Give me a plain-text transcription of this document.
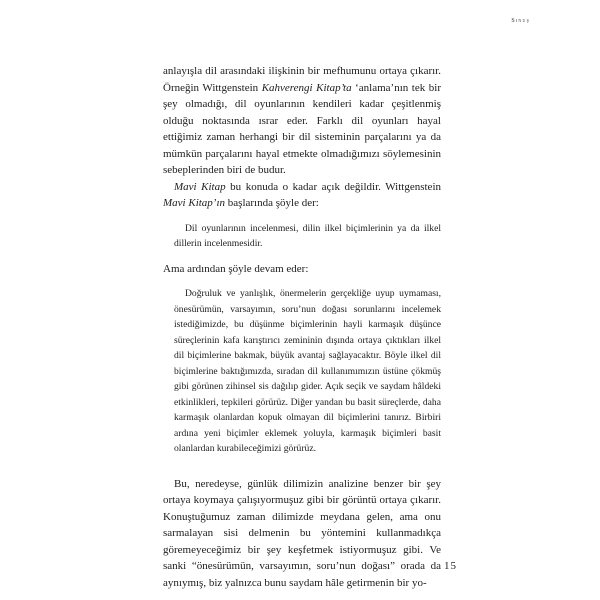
Sınuş

anlayışla dil arasındaki ilişkinin bir mefhumunu ortaya çıkarır. Örneğin Wittgenstein Kahverengi Kitap’ta ‘anlama’nın tek bir şey olmadığı, dil oyunlarının kendileri kadar çeşitlenmiş olduğu noktasında ısrar eder. Farklı dil oyunları hayal ettiğimiz zaman herhangi bir dil sisteminin parçalarını ya da mümkün parçalarını hayal etmekte olmadığımızı söylemesinin sebeplerinden biri de budur.

Mavi Kitap bu konuda o kadar açık değildir. Wittgenstein Mavi Kitap’ın başlarında şöyle der:

Dil oyunlarının incelenmesi, dilin ilkel biçimlerinin ya da ilkel dillerin incelenmesidir.

Ama ardından şöyle devam eder:

Doğruluk ve yanlışlık, önermelerin gerçekliğe uyup uymaması, önesürümün, varsayımın, soru’nun doğası sorunlarını incelemek istediğimizde, bu düşünme biçimlerinin hayli karmaşık düşünce süreçlerinin kafa karıştırıcı zemininin dışında ortaya çıktıkları ilkel dil biçimlerine bakmak, büyük avantaj sağlayacaktır. Böyle ilkel dil biçimlerine baktığımızda, sıradan dil kullanımımızın üstüne çökmüş gibi görünen zihinsel sis dağılıp gider. Açık seçik ve saydam hâldeki etkinlikleri, tepkileri görürüz. Diğer yandan bu basit süreçlerde, daha karmaşık olanlardan kopuk olmayan dil biçimlerini tanırız. Birbiri ardına yeni biçimler eklemek yoluyla, karmaşık biçimleri basit olanlardan kurabileceğimizi görürüz.

Bu, neredeyse, günlük dilimizin analizine benzer bir şey ortaya koymaya çalışıyormuşuz gibi bir görüntü ortaya çıkarır. Konuştuğumuz zaman dilimizde meydana gelen, ama onu sarmalayan sisi delmenin bu yöntemini kullanmadıkça göremeyeceğimiz bir şey keşfetmek istiyormuşuz gibi. Ve sanki “önesürümün, varsayımın, soru’nun doğası” orada da aynıymış, biz yalnızca bunu saydam hâle getirmenin bir yo-

15
